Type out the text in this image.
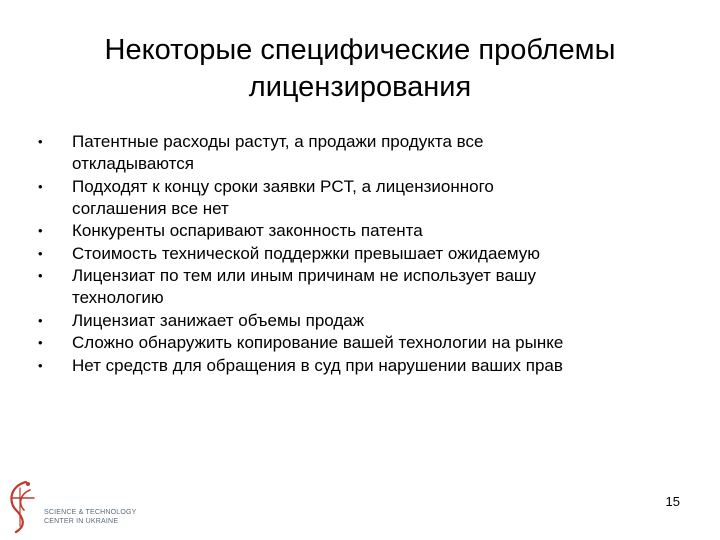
Некоторые специфические проблемы
лицензирования
• Патентные расходы растут, а продажи продукта все
откладываются
• Подходят к концу сроки заявки PCT, а лицензионного
соглашения все нет
• Конкуренты оспаривают законность патента
• Стоимость технической поддержки превышает ожидаемую
• Лицензиат по тем или иным причинам не использует вашу
технологию
• Лицензиат занижает объемы продаж
• Сложно обнаружить копирование вашей технологии на рынке
• Нет средств для обращения в суд при нарушении ваших прав
15
SCIENCE & TECHNOLOGY
CENTER IN UKRAINE
